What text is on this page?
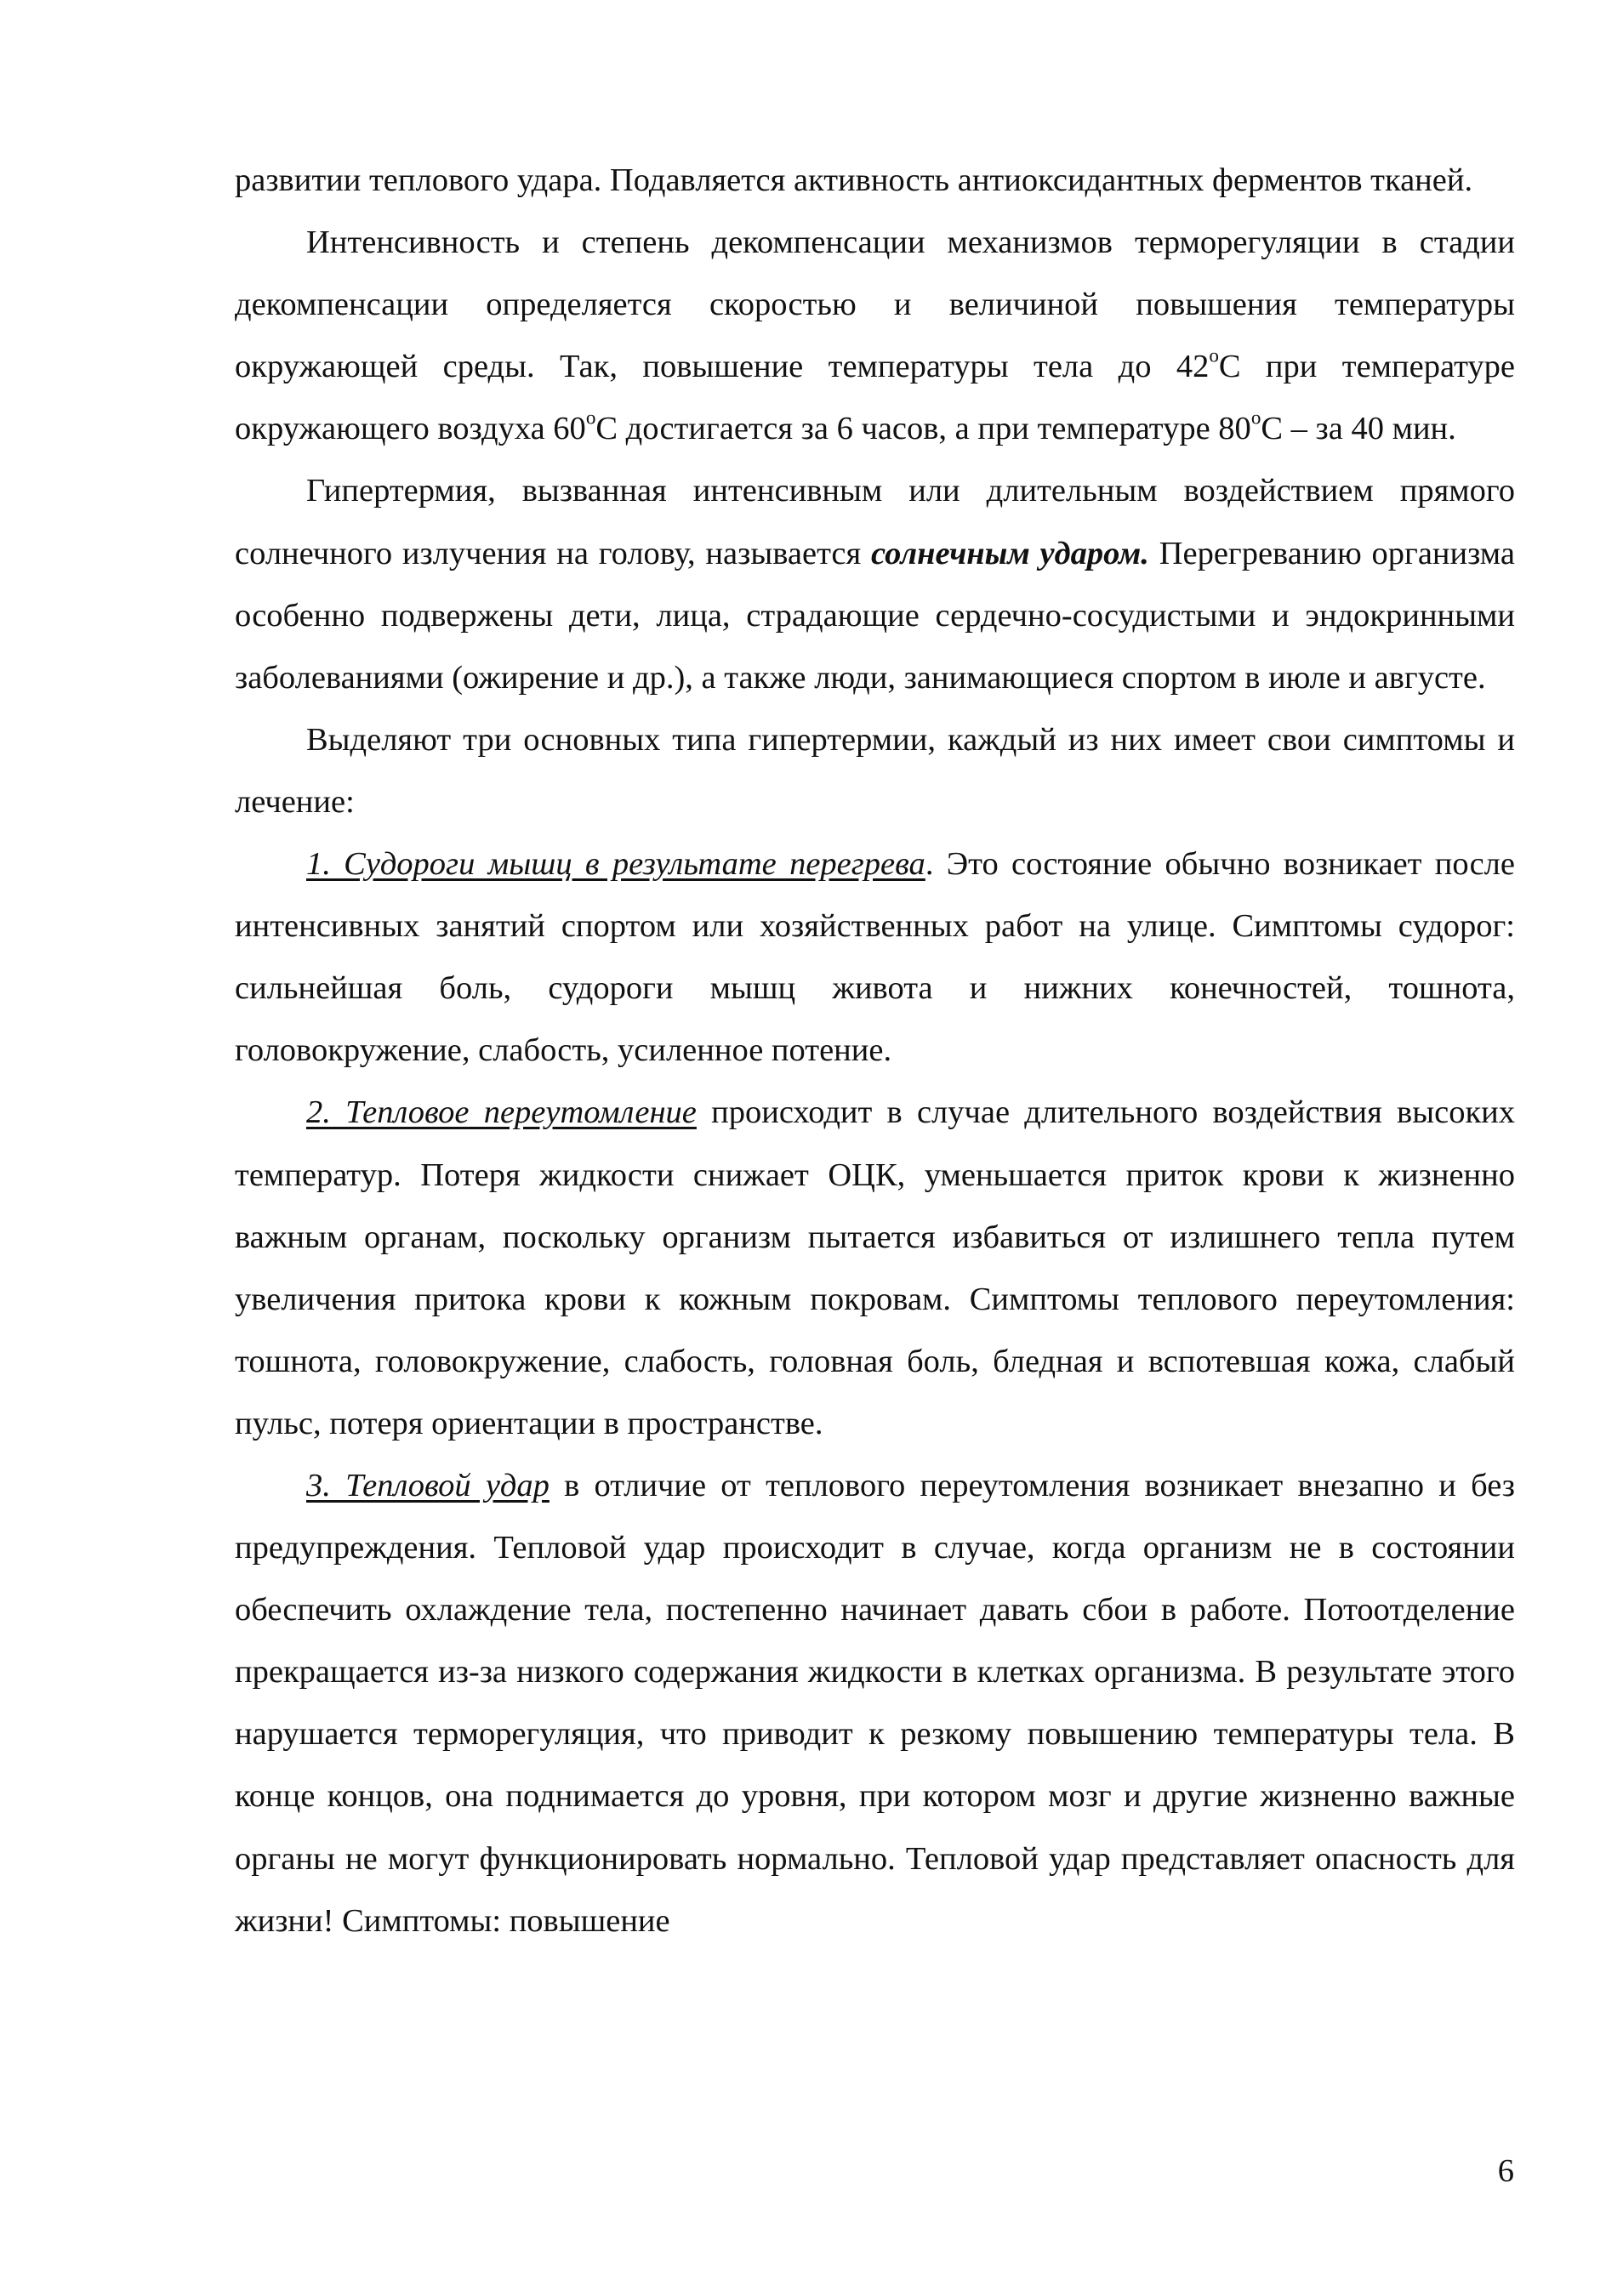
развитии теплового удара. Подавляется активность антиоксидантных ферментов тканей.

Интенсивность и степень декомпенсации механизмов терморегуляции в стадии декомпенсации определяется скоростью и величиной повышения температуры окружающей среды. Так, повышение температуры тела до 42$^o$С при температуре окружающего воздуха 60$^o$С достигается за 6 часов, а при температуре 80$^o$С – за 40 мин.

Гипертермия, вызванная интенсивным или длительным воздействием прямого солнечного излучения на голову, называется солнечным ударом. Перегреванию организма особенно подвержены дети, лица, страдающие сердечно-сосудистыми и эндокринными заболеваниями (ожирение и др.), а также люди, занимающиеся спортом в июле и августе.

Выделяют три основных типа гипертермии, каждый из них имеет свои симптомы и лечение:

1. Судороги мышц в результате перегрева. Это состояние обычно возникает после интенсивных занятий спортом или хозяйственных работ на улице. Симптомы судорог: сильнейшая боль, судороги мышц живота и нижних конечностей, тошнота, головокружение, слабость, усиленное потение.

2. Тепловое переутомление происходит в случае длительного воздействия высоких температур. Потеря жидкости снижает ОЦК, уменьшается приток крови к жизненно важным органам, поскольку организм пытается избавиться от излишнего тепла путем увеличения притока крови к кожным покровам. Симптомы теплового переутомления: тошнота, головокружение, слабость, головная боль, бледная и вспотевшая кожа, слабый пульс, потеря ориентации в пространстве.

3. Тепловой удар в отличие от теплового переутомления возникает внезапно и без предупреждения. Тепловой удар происходит в случае, когда организм не в состоянии обеспечить охлаждение тела, постепенно начинает давать сбои в работе. Потоотделение прекращается из-за низкого содержания жидкости в клетках организма. В результате этого нарушается терморегуляция, что приводит к резкому повышению температуры тела. В конце концов, она поднимается до уровня, при котором мозг и другие жизненно важные органы не могут функционировать нормально. Тепловой удар представляет опасность для жизни! Симптомы: повышение

6
